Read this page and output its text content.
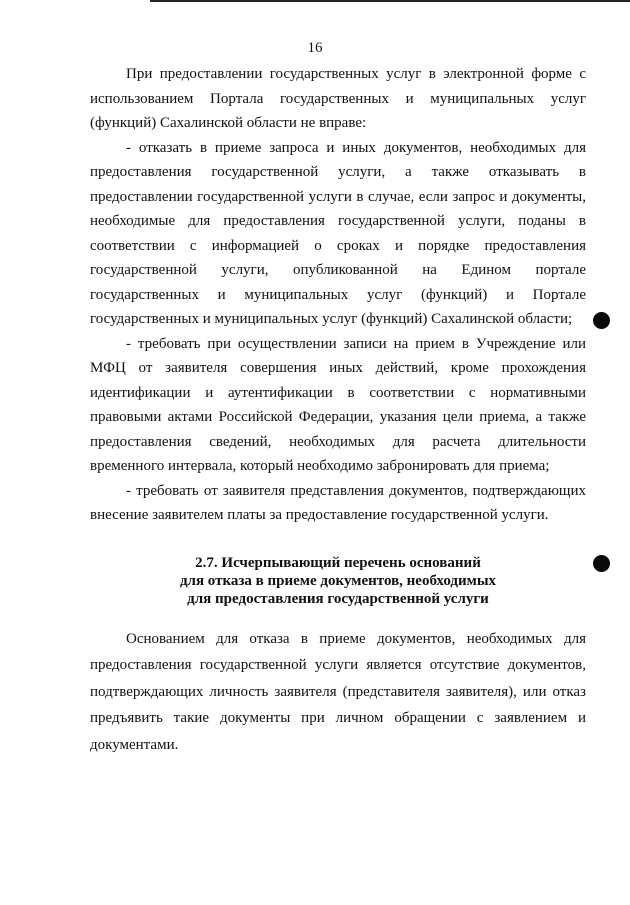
16

При предоставлении государственных услуг в электронной форме с использованием Портала государственных и муниципальных услуг (функций) Сахалинской области не вправе:

- отказать в приеме запроса и иных документов, необходимых для предоставления государственной услуги, а также отказывать в предоставлении государственной услуги в случае, если запрос и документы, необходимые для предоставления государственной услуги, поданы в соответствии с информацией о сроках и порядке предоставления государственной услуги, опубликованной на Едином портале государственных и муниципальных услуг (функций) и Портале государственных и муниципальных услуг (функций) Сахалинской области;

- требовать при осуществлении записи на прием в Учреждение или МФЦ от заявителя совершения иных действий, кроме прохождения идентификации и аутентификации в соответствии с нормативными правовыми актами Российской Федерации, указания цели приема, а также предоставления сведений, необходимых для расчета длительности временного интервала, который необходимо забронировать для приема;

- требовать от заявителя представления документов, подтверждающих внесение заявителем платы за предоставление государственной услуги.

2.7. Исчерпывающий перечень оснований
для отказа в приеме документов, необходимых
для предоставления государственной услуги

Основанием для отказа в приеме документов, необходимых для предоставления государственной услуги является отсутствие документов, подтверждающих личность заявителя (представителя заявителя), или отказ предъявить такие документы при личном обращении с заявлением и документами.
